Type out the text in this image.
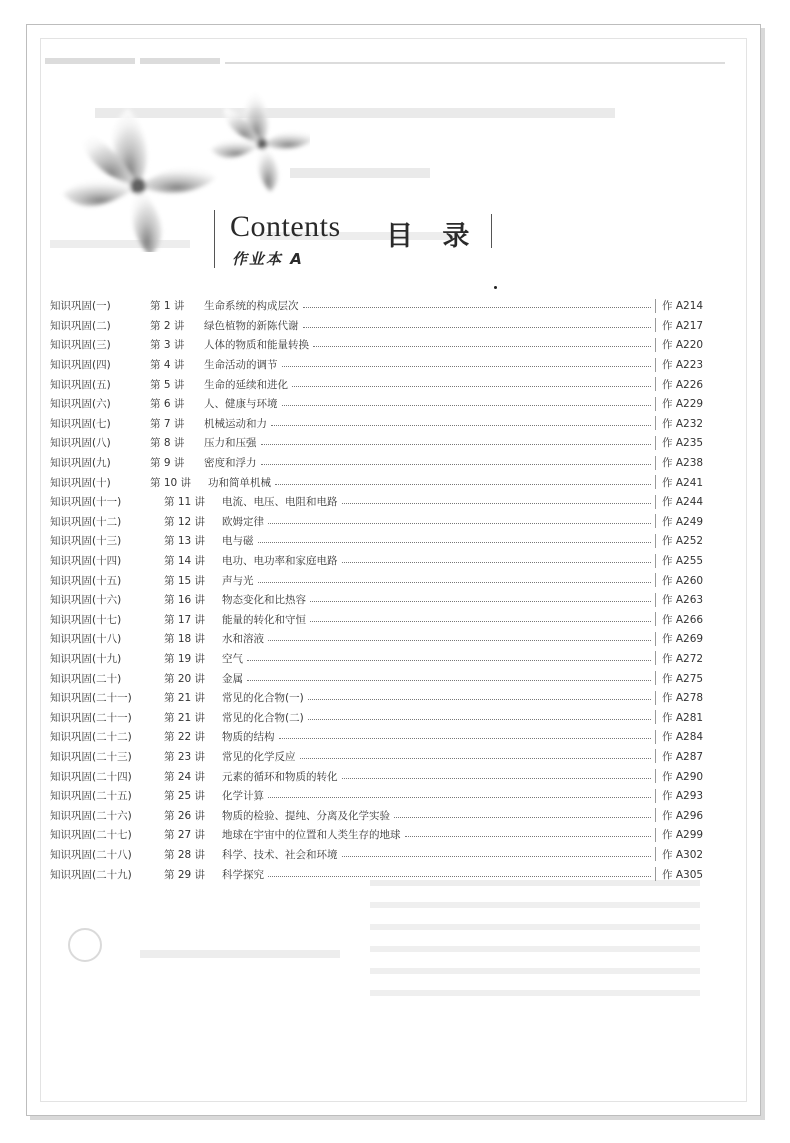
Contents 目 录
作业本 A
知识巩固(一)	第 1 讲	生命系统的构成层次	作 A214
知识巩固(二)	第 2 讲	绿色植物的新陈代谢	作 A217
知识巩固(三)	第 3 讲	人体的物质和能量转换	作 A220
知识巩固(四)	第 4 讲	生命活动的调节	作 A223
知识巩固(五)	第 5 讲	生命的延续和进化	作 A226
知识巩固(六)	第 6 讲	人、健康与环境	作 A229
知识巩固(七)	第 7 讲	机械运动和力	作 A232
知识巩固(八)	第 8 讲	压力和压强	作 A235
知识巩固(九)	第 9 讲	密度和浮力	作 A238
知识巩固(十)	第 10 讲	功和简单机械	作 A241
知识巩固(十一)	第 11 讲	电流、电压、电阻和电路	作 A244
知识巩固(十二)	第 12 讲	欧姆定律	作 A249
知识巩固(十三)	第 13 讲	电与磁	作 A252
知识巩固(十四)	第 14 讲	电功、电功率和家庭电路	作 A255
知识巩固(十五)	第 15 讲	声与光	作 A260
知识巩固(十六)	第 16 讲	物态变化和比热容	作 A263
知识巩固(十七)	第 17 讲	能量的转化和守恒	作 A266
知识巩固(十八)	第 18 讲	水和溶液	作 A269
知识巩固(十九)	第 19 讲	空气	作 A272
知识巩固(二十)	第 20 讲	金属	作 A275
知识巩固(二十一)	第 21 讲	常见的化合物(一)	作 A278
知识巩固(二十一)	第 21 讲	常见的化合物(二)	作 A281
知识巩固(二十二)	第 22 讲	物质的结构	作 A284
知识巩固(二十三)	第 23 讲	常见的化学反应	作 A287
知识巩固(二十四)	第 24 讲	元素的循环和物质的转化	作 A290
知识巩固(二十五)	第 25 讲	化学计算	作 A293
知识巩固(二十六)	第 26 讲	物质的检验、提纯、分离及化学实验	作 A296
知识巩固(二十七)	第 27 讲	地球在宇宙中的位置和人类生存的地球	作 A299
知识巩固(二十八)	第 28 讲	科学、技术、社会和环境	作 A302
知识巩固(二十九)	第 29 讲	科学探究	作 A305
